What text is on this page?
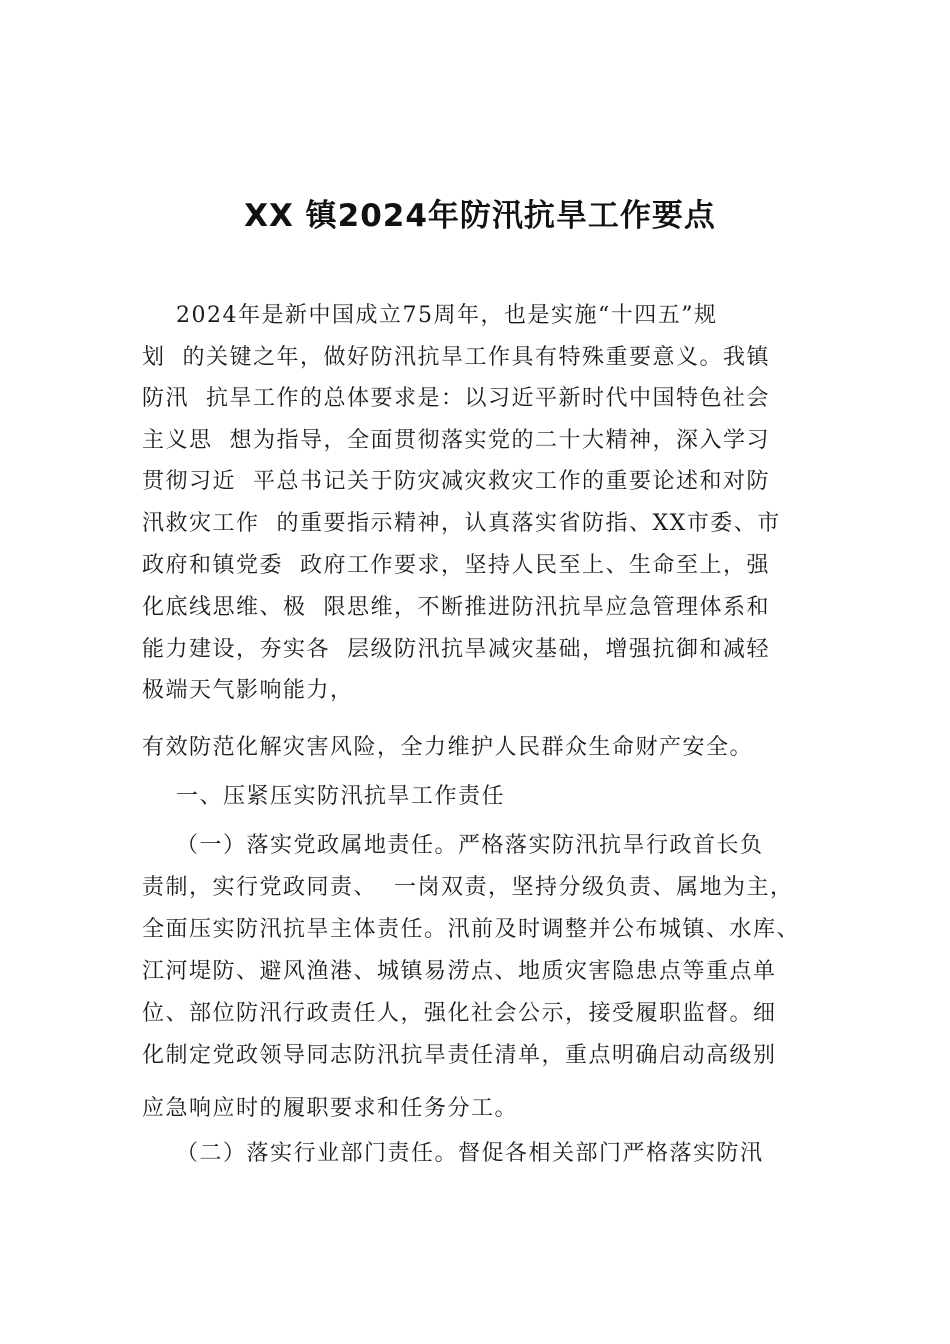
XX 镇2024年防汛抗旱工作要点
2024年是新中国成立75周年，也是实施“十四五”规
划  的关键之年，做好防汛抗旱工作具有特殊重要意义。我镇
防汛  抗旱工作的总体要求是：以习近平新时代中国特色社会
主义思  想为指导，全面贯彻落实党的二十大精神，深入学习
贯彻习近  平总书记关于防灾减灾救灾工作的重要论述和对防
汛救灾工作  的重要指示精神，认真落实省防指、XX市委、市
政府和镇党委  政府工作要求，坚持人民至上、生命至上，强
化底线思维、极  限思维，不断推进防汛抗旱应急管理体系和
能力建设，夯实各  层级防汛抗旱减灾基础，增强抗御和减轻
极端天气影响能力，
有效防范化解灾害风险，全力维护人民群众生命财产安全。
一、压紧压实防汛抗旱工作责任
（一）落实党政属地责任。严格落实防汛抗旱行政首长负
责制，实行党政同责、  一岗双责，坚持分级负责、属地为主，
全面压实防汛抗旱主体责任。汛前及时调整并公布城镇、水库、
江河堤防、避风渔港、城镇易涝点、地质灾害隐患点等重点单
位、部位防汛行政责任人，强化社会公示，接受履职监督。细
化制定党政领导同志防汛抗旱责任清单，重点明确启动高级别
应急响应时的履职要求和任务分工。
（二）落实行业部门责任。督促各相关部门严格落实防汛
